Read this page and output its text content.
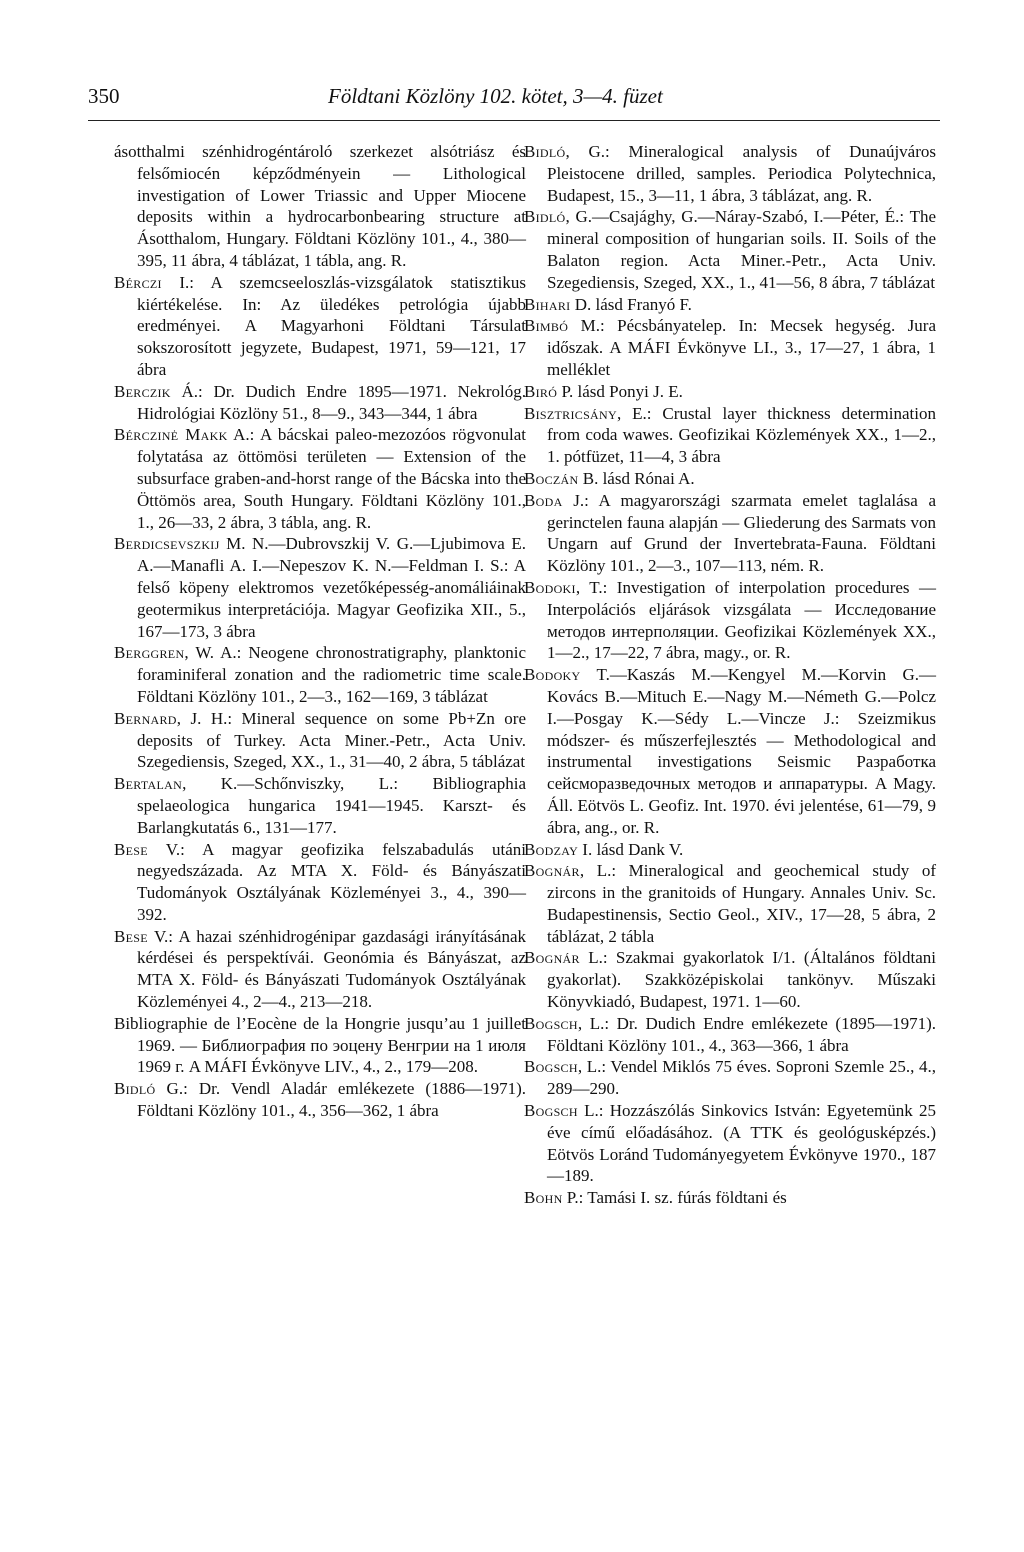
350	Földtani Közlöny 102. kötet, 3—4. füzet

ásotthalmi szénhidrogéntároló szerkezet alsótriász és felsőmiocén képződményein — Lithological investigation of Lower Triassic and Upper Miocene deposits within a hydrocarbonbearing structure at Ásotthalom, Hungary. Földtani Közlöny 101., 4., 380—395, 11 ábra, 4 táblázat, 1 tábla, ang. R.

Bérczi I.: A szemcseeloszlás-vizsgálatok statisztikus kiértékelése. In: Az üledékes petrológia újabb eredményei. A Magyarhoni Földtani Társulat sokszorosított jegyzete, Budapest, 1971, 59—121, 17 ábra

Berczik Á.: Dr. Dudich Endre 1895—1971. Nekrológ. Hidrológiai Közlöny 51., 8—9., 343—344, 1 ábra

Bérczinė Makk A.: A bácskai paleo-mezozóos rögvonulat folytatása az öttömösi területen — Extension of the subsurface graben-and-horst range of the Bácska into the Öttömös area, South Hungary. Földtani Közlöny 101., 1., 26—33, 2 ábra, 3 tábla, ang. R.

Berdicsevszkij M. N.—Dubrovszkij V. G.—Ljubimova E. A.—Manafli A. I.—Nepeszov K. N.—Feldman I. S.: A felső köpeny elektromos vezetőképesség-anomáliáinak geotermikus interpretációja. Magyar Geofizika XII., 5., 167—173, 3 ábra

Berggren, W. A.: Neogene chronostratigraphy, planktonic foraminiferal zonation and the radiometric time scale. Földtani Közlöny 101., 2—3., 162—169, 3 táblázat

Bernard, J. H.: Mineral sequence on some Pb+Zn ore deposits of Turkey. Acta Miner.-Petr., Acta Univ. Szegediensis, Szeged, XX., 1., 31—40, 2 ábra, 5 táblázat

Bertalan, K.—Schőnviszky, L.: Bibliographia spelaeologica hungarica 1941—1945. Karszt- és Barlangkutatás 6., 131—177.

Bese V.: A magyar geofizika felszabadulás utáni negyedszázada. Az MTA X. Föld- és Bányászati Tudományok Osztályának Közleményei 3., 4., 390—392.

Bese V.: A hazai szénhidrogénipar gazdasági irányításának kérdései és perspektívái. Geonómia és Bányászat, az MTA X. Föld- és Bányászati Tudományok Osztályának Közleményei 4., 2—4., 213—218.

Bibliographie de l’Eocène de la Hongrie jusqu’au 1 juillet 1969. — Библиография по эоцену Венгрии на 1 июля 1969 г. A MÁFI Évkönyve LIV., 4., 2., 179—208.

Bidló G.: Dr. Vendl Aladár emlékezete (1886—1971). Földtani Közlöny 101., 4., 356—362, 1 ábra

Bidló, G.: Mineralogical analysis of Dunaújváros Pleistocene drilled, samples. Periodica Polytechnica, Budapest, 15., 3—11, 1 ábra, 3 táblázat, ang. R.

Bidló, G.—Csajághy, G.—Náray-Szabó, I.—Péter, É.: The mineral composition of hungarian soils. II. Soils of the Balaton region. Acta Miner.-Petr., Acta Univ. Szegediensis, Szeged, XX., 1., 41—56, 8 ábra, 7 táblázat

Bihari D. lásd Franyó F.

Bimbó M.: Pécsbányatelep. In: Mecsek hegység. Jura időszak. A MÁFI Évkönyve LI., 3., 17—27, 1 ábra, 1 melléklet

Biró P. lásd Ponyi J. E.

Bisztricsány, E.: Crustal layer thickness determination from coda wawes. Geofizikai Közlemények XX., 1—2., 1. pótfüzet, 11—4, 3 ábra

Boczán B. lásd Rónai A.

Boda J.: A magyarországi szarmata emelet taglalása a gerinctelen fauna alapján — Gliederung des Sarmats von Ungarn auf Grund der Invertebrata-Fauna. Földtani Közlöny 101., 2—3., 107—113, ném. R.

Bodoki, T.: Investigation of interpolation procedures — Interpolációs eljárások vizsgálata — Исследование методов интерполяции. Geofizikai Közlemények XX., 1—2., 17—22, 7 ábra, magy., or. R.

Bodoky T.—Kaszás M.—Kengyel M.—Korvin G.—Kovács B.—Mituch E.—Nagy M.—Németh G.—Polcz I.—Posgay K.—Sédy L.—Vincze J.: Szeizmikus módszer- és műszerfejlesztés — Methodological and instrumental investigations Seismic Разработка сейсморазведочных методов и аппаратуры. A Magy. Áll. Eötvös L. Geofiz. Int. 1970. évi jelentése, 61—79, 9 ábra, ang., or. R.

Bodzay I. lásd Dank V.

Bognár, L.: Mineralogical and geochemical study of zircons in the granitoids of Hungary. Annales Univ. Sc. Budapestinensis, Sectio Geol., XIV., 17—28, 5 ábra, 2 táblázat, 2 tábla

Bognár L.: Szakmai gyakorlatok I/1. (Általános földtani gyakorlat). Szakközépiskolai tankönyv. Műszaki Könyvkiadó, Budapest, 1971. 1—60.

Bogsch, L.: Dr. Dudich Endre emlékezete (1895—1971). Földtani Közlöny 101., 4., 363—366, 1 ábra

Bogsch, L.: Vendel Miklós 75 éves. Soproni Szemle 25., 4., 289—290.

Bogsch L.: Hozzászólás Sinkovics István: Egyetemünk 25 éve című előadásához. (A TTK és geológusképzés.) Eötvös Loránd Tudományegyetem Évkönyve 1970., 187—189.

Bohn P.: Tamási I. sz. fúrás földtani és
